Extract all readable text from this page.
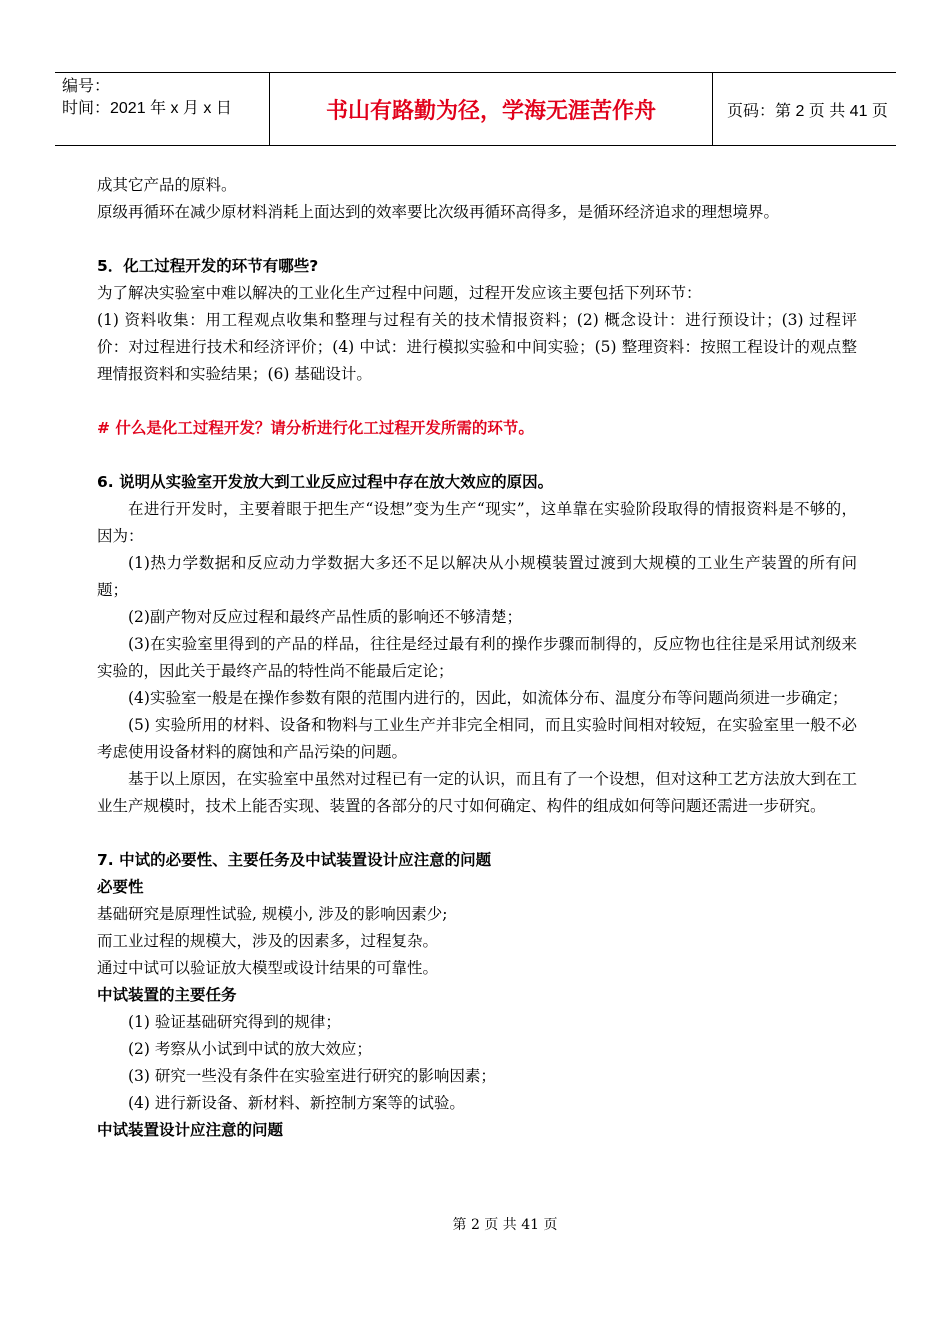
编号：
时间：2021 年 x 月 x 日	书山有路勤为径，学海无涯苦作舟	页码：第 2 页 共 41 页

成其它产品的原料。

原级再循环在减少原材料消耗上面达到的效率要比次级再循环高得多，是循环经济追求的理想境界。

5．化工过程开发的环节有哪些?

为了解决实验室中难以解决的工业化生产过程中问题，过程开发应该主要包括下列环节：

(1) 资料收集：用工程观点收集和整理与过程有关的技术情报资料；(2) 概念设计：进行预设计；(3) 过程评价：对过程进行技术和经济评价；(4) 中试：进行模拟实验和中间实验；(5) 整理资料：按照工程设计的观点整理情报资料和实验结果；(6) 基础设计。

# 什么是化工过程开发？请分析进行化工过程开发所需的环节。

6. 说明从实验室开发放大到工业反应过程中存在放大效应的原因。

在进行开发时，主要着眼于把生产“设想”变为生产“现实”，这单靠在实验阶段取得的情报资料是不够的，因为：

(1)热力学数据和反应动力学数据大多还不足以解决从小规模装置过渡到大规模的工业生产装置的所有问题；

(2)副产物对反应过程和最终产品性质的影响还不够清楚；

(3)在实验室里得到的产品的样品，往往是经过最有利的操作步骤而制得的，反应物也往往是采用试剂级来实验的，因此关于最终产品的特性尚不能最后定论；

(4)实验室一般是在操作参数有限的范围内进行的，因此，如流体分布、温度分布等问题尚须进一步确定；

(5) 实验所用的材料、设备和物料与工业生产并非完全相同，而且实验时间相对较短，在实验室里一般不必考虑使用设备材料的腐蚀和产品污染的问题。

基于以上原因，在实验室中虽然对过程已有一定的认识，而且有了一个设想，但对这种工艺方法放大到在工业生产规模时，技术上能否实现、装置的各部分的尺寸如何确定、构件的组成如何等问题还需进一步研究。

7. 中试的必要性、主要任务及中试装置设计应注意的问题

必要性

基础研究是原理性试验, 规模小, 涉及的影响因素少;

而工业过程的规模大，涉及的因素多，过程复杂。

通过中试可以验证放大模型或设计结果的可靠性。

中试装置的主要任务

(1) 验证基础研究得到的规律；

(2) 考察从小试到中试的放大效应；

(3) 研究一些没有条件在实验室进行研究的影响因素；

(4) 进行新设备、新材料、新控制方案等的试验。

中试装置设计应注意的问题

第 2 页 共 41 页
